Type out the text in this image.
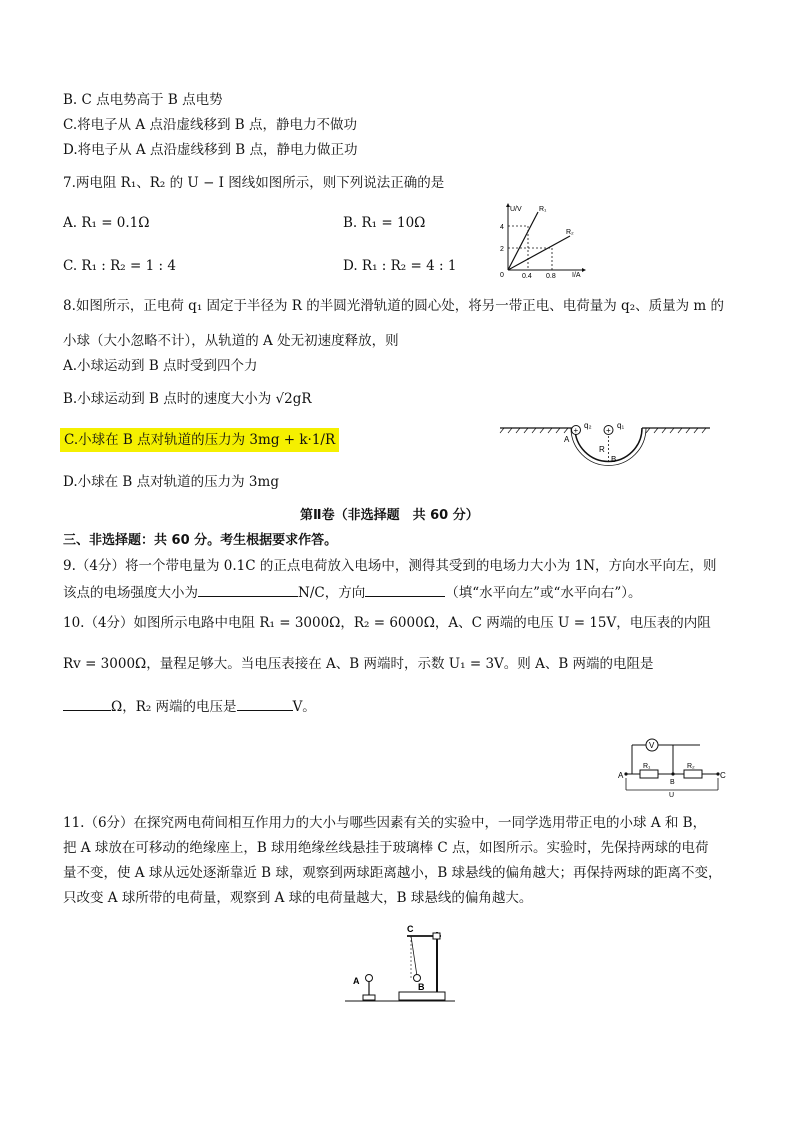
B. C 点电势高于 B 点电势
C.将电子从 A 点沿虚线移到 B 点，静电力不做功
D.将电子从 A 点沿虚线移到 B 点，静电力做正功
7.两电阻 R₁、R₂ 的 U − I 图线如图所示，则下列说法正确的是
A. R₁ = 0.1Ω	B. R₁ = 10Ω
C. R₁ : R₂ = 1 : 4	D. R₁ : R₂ = 4 : 1
U/V R₁
R₂
4
2
0	0.4 0.8 I/A
8.如图所示，正电荷 q₁ 固定于半径为 R 的半圆光滑轨道的圆心处，将另一带正电、电荷量为 q₂、质量为 m 的
小球（大小忽略不计），从轨道的 A 处无初速度释放，则
A.小球运动到 B 点时受到四个力
B.小球运动到 B 点时的速度大小为 √2gR
C.小球在 B 点对轨道的压力为 3mg + k·1/R
D.小球在 B 点对轨道的压力为 3mg
+	+
q₂	q₁
A
R
B
第Ⅱ卷（非选择题　共 60 分）
三、非选择题：共 60 分。考生根据要求作答。
9.（4分）将一个带电量为 0.1C 的正点电荷放入电场中，测得其受到的电场力大小为 1N，方向水平向左，则
该点的电场强度大小为	N/C，方向	（填“水平向左”或“水平向右”）。
10.（4分）如图所示电路中电阻 R₁ = 3000Ω，R₂ = 6000Ω，A、C 两端的电压 U = 15V，电压表的内阻
Rv = 3000Ω，量程足够大。当电压表接在 A、B 两端时，示数 U₁ = 3V。则 A、B 两端的电阻是
Ω，R₂ 两端的电压是	V。
V
A
R₁
B
R₂
C
U
11.（6分）在探究两电荷间相互作用力的大小与哪些因素有关的实验中，一同学选用带正电的小球 A 和 B，
把 A 球放在可移动的绝缘座上，B 球用绝缘丝线悬挂于玻璃棒 C 点，如图所示。实验时，先保持两球的电荷
量不变，使 A 球从远处逐渐靠近 B 球，观察到两球距离越小，B 球悬线的偏角越大；再保持两球的距离不变，
只改变 A 球所带的电荷量，观察到 A 球的电荷量越大，B 球悬线的偏角越大。
C
A
B
